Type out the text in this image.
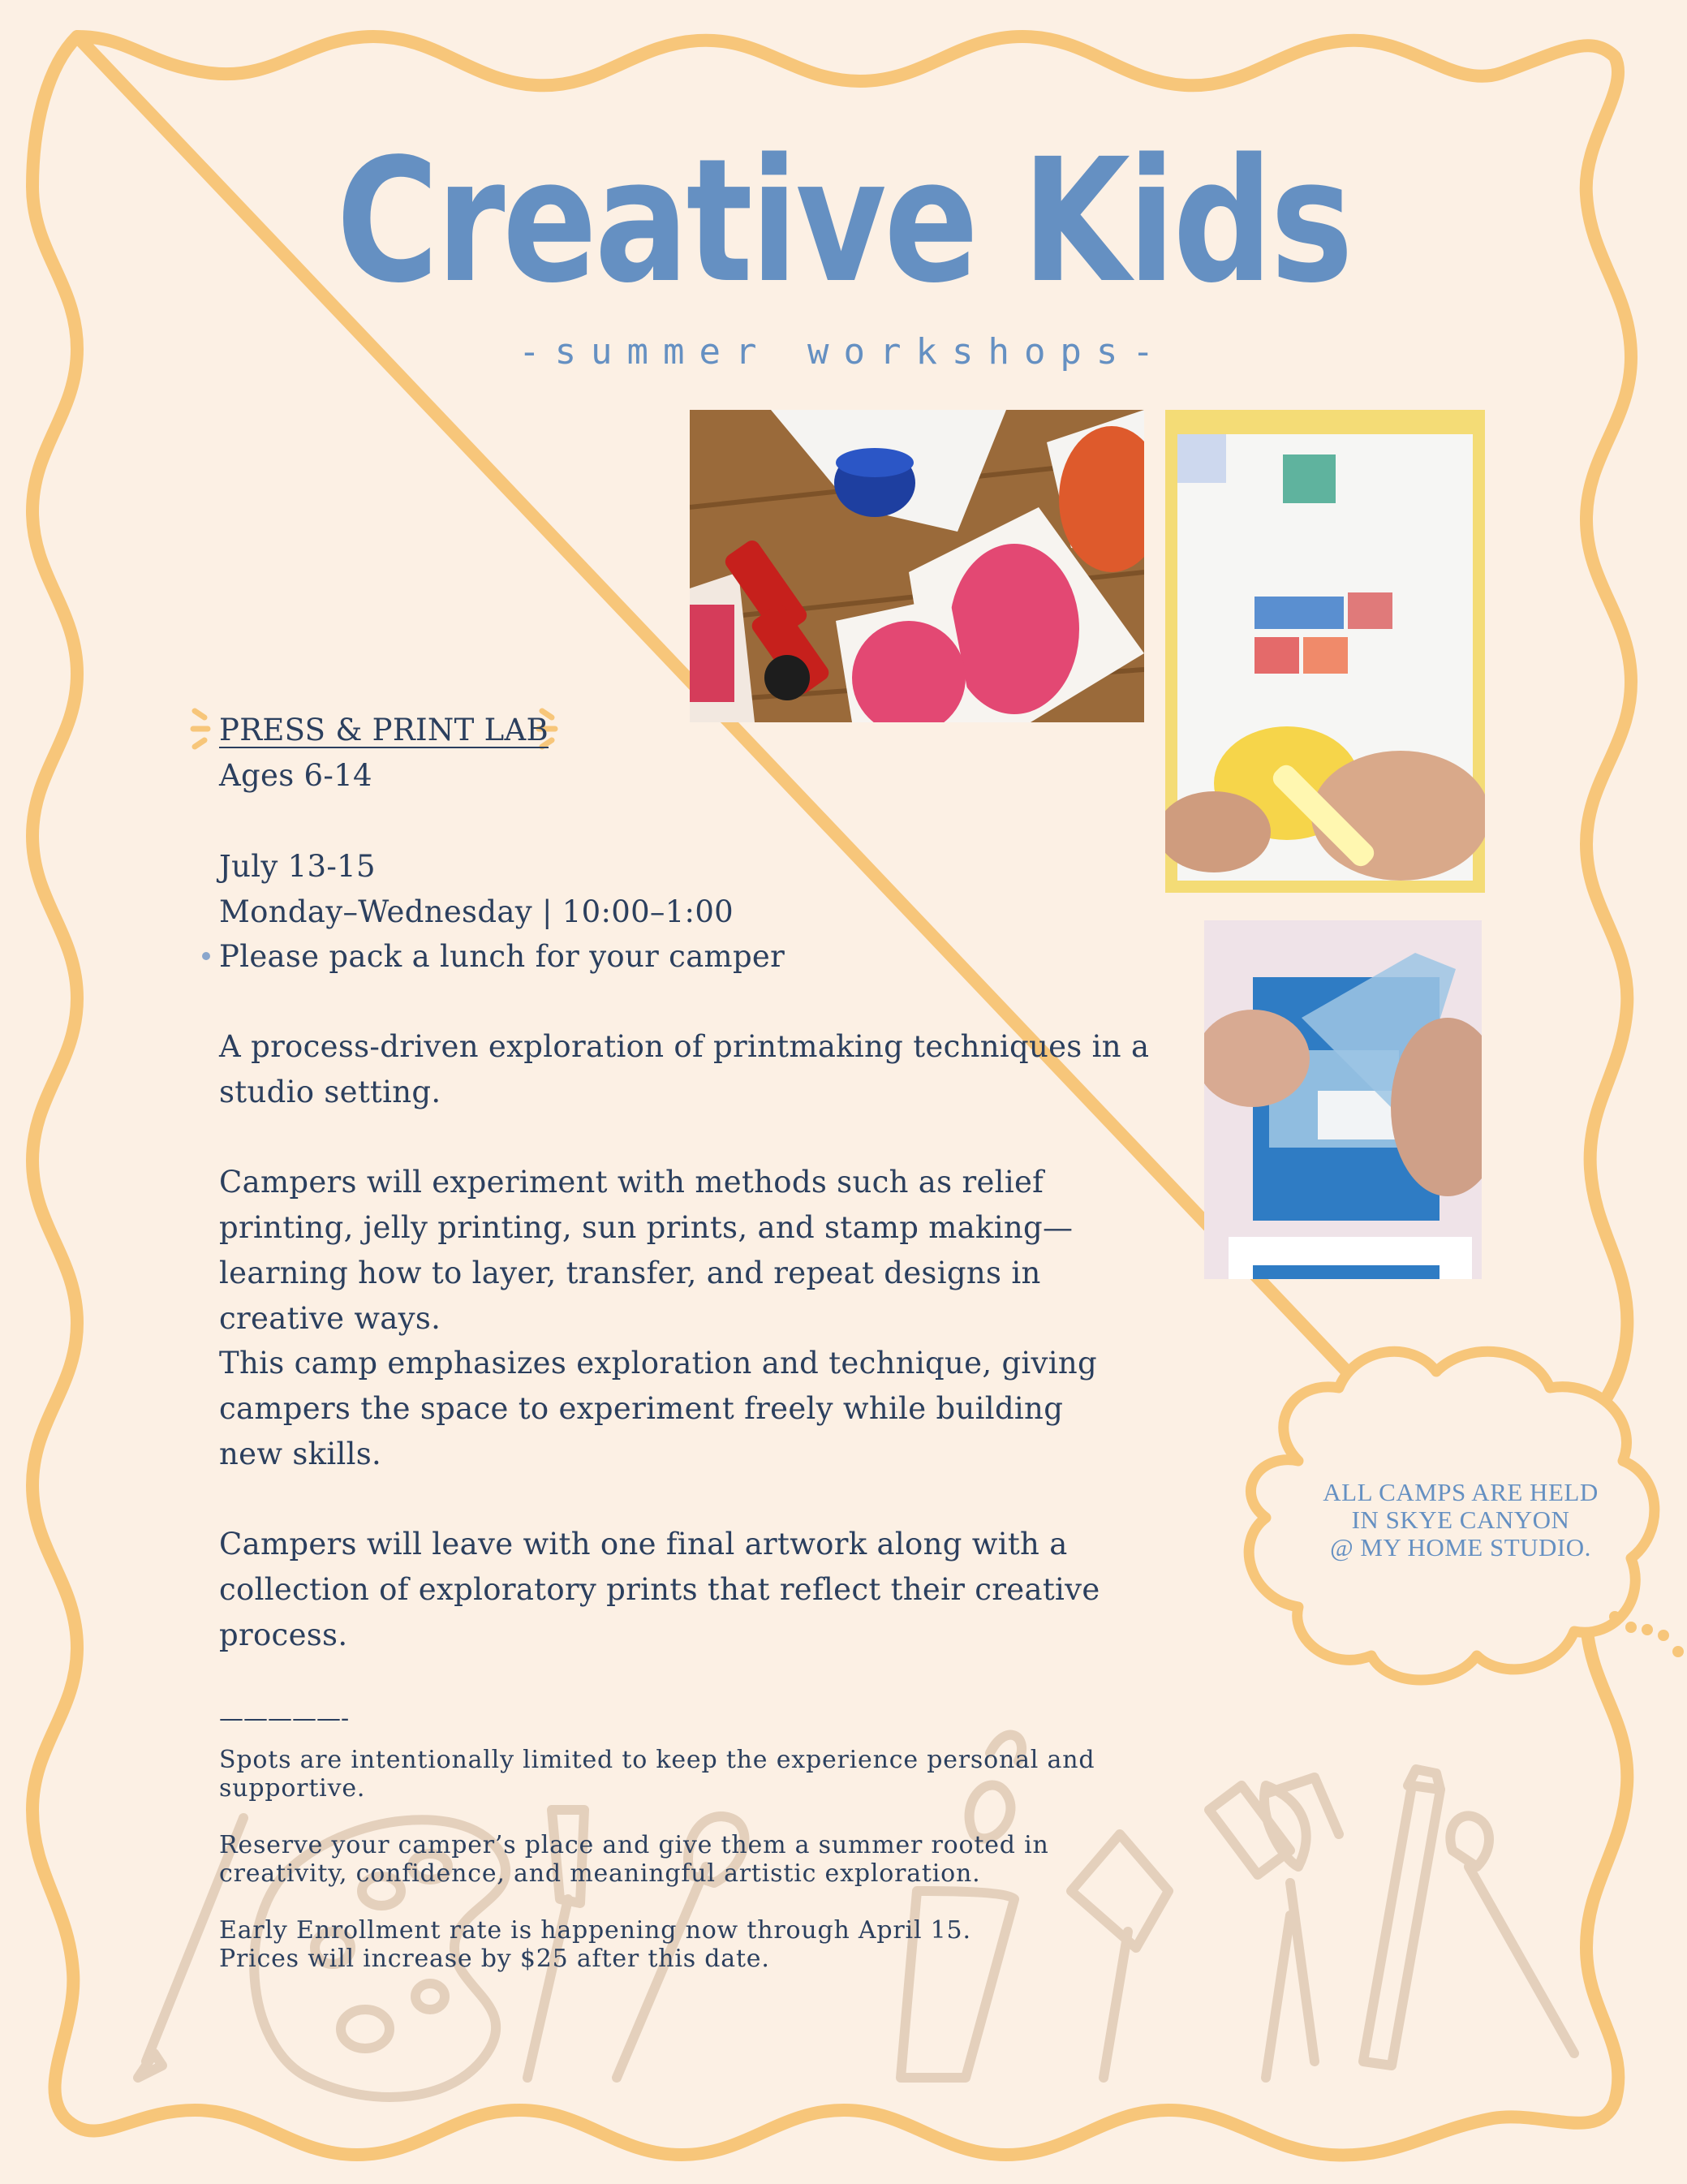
Creative Kids
-summer workshops-
PRESS & PRINT LAB
Ages 6-14
July 13-15
Monday–Wednesday | 10:00–1:00
Please pack a lunch for your camper
A process-driven exploration of printmaking techniques in a studio setting.
Campers will experiment with methods such as relief printing, jelly printing, sun prints, and stamp making—learning how to layer, transfer, and repeat designs in creative ways.
This camp emphasizes exploration and technique, giving campers the space to experiment freely while building new skills.
Campers will leave with one final artwork along with a collection of exploratory prints that reflect their creative process.
—————-
Spots are intentionally limited to keep the experience personal and supportive.
Reserve your camper’s place and give them a summer rooted in creativity, confidence, and meaningful artistic exploration.
Early Enrollment rate is happening now through April 15.
Prices will increase by $25 after this date.
ALL CAMPS ARE HELD
IN SKYE CANYON
@ MY HOME STUDIO.
